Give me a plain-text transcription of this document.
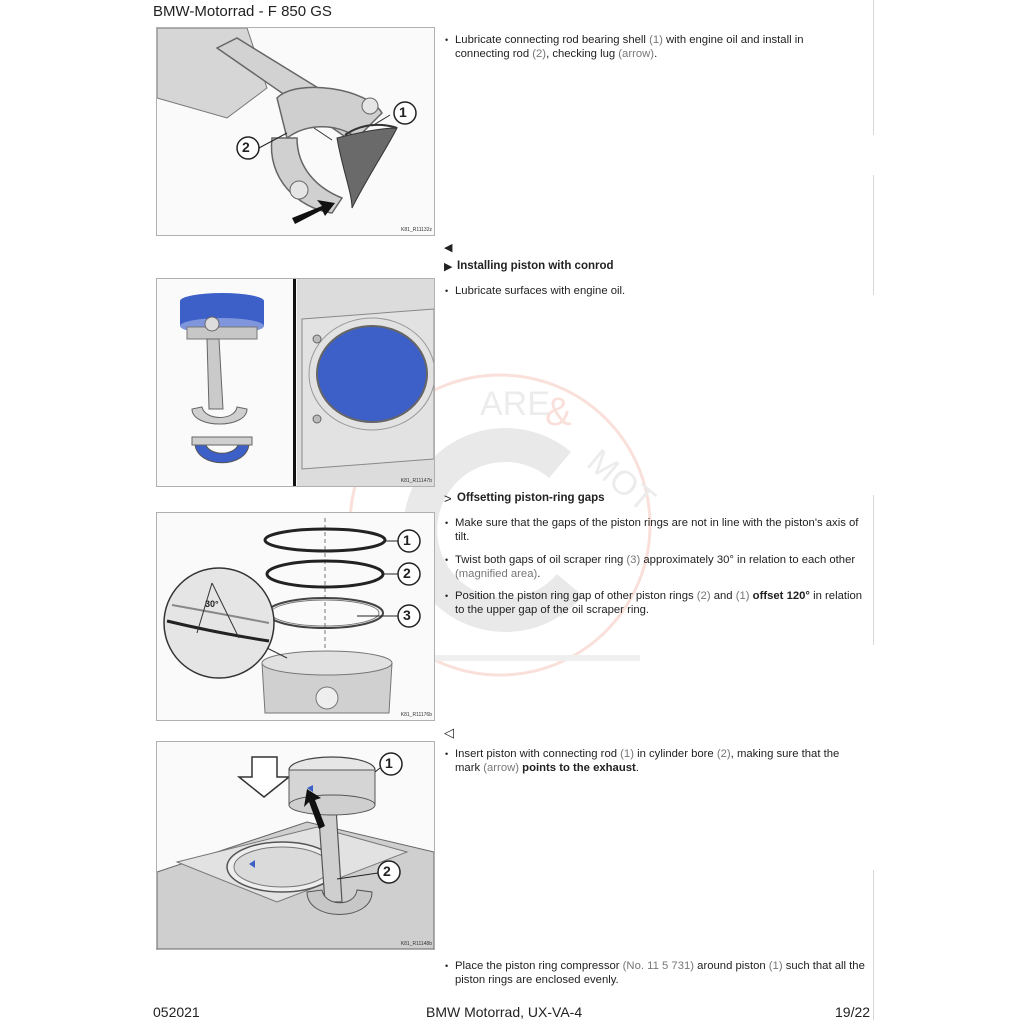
BMW-Motorrad - F 850 GS
ARE
&
MOT
1
2
K81_R11132z
K81_R11147b
30°
1
2
3
K81_R11176b
1
2
K81_R11148b
• Lubricate connecting rod bearing shell (1) with engine oil and install in connecting rod (2), checking lug (arrow).
◀
▶ Installing piston with conrod
• Lubricate surfaces with engine oil.
> Offsetting piston-ring gaps
• Make sure that the gaps of the piston rings are not in line with the piston's axis of tilt.
• Twist both gaps of oil scraper ring (3) approximately 30° in relation to each other (magnified area).
• Position the piston ring gap of other piston rings (2) and (1) offset 120° in relation to the upper gap of the oil scraper ring.
◁
• Insert piston with connecting rod (1) in cylinder bore (2), making sure that the mark (arrow) points to the exhaust.
• Place the piston ring compressor (No. 11 5 731) around piston (1) such that all the piston rings are enclosed evenly.
052021	BMW Motorrad, UX-VA-4	19/22
